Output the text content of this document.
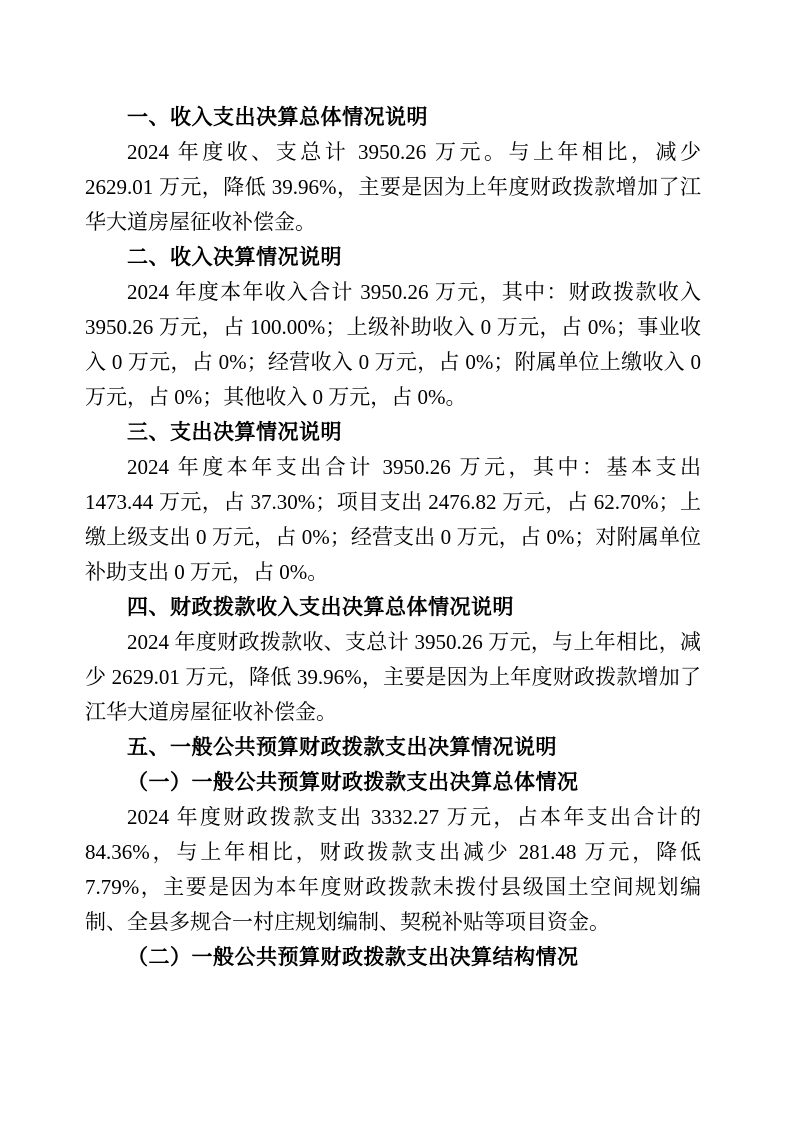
一、收入支出决算总体情况说明

2024 年度收、支总计 3950.26 万元。与上年相比，减少 2629.01 万元，降低 39.96%，主要是因为上年度财政拨款增加了江华大道房屋征收补偿金。

二、收入决算情况说明

2024 年度本年收入合计 3950.26 万元，其中：财政拨款收入 3950.26 万元，占 100.00%；上级补助收入 0 万元，占 0%；事业收入 0 万元，占 0%；经营收入 0 万元，占 0%；附属单位上缴收入 0 万元，占 0%；其他收入 0 万元，占 0%。

三、支出决算情况说明

2024 年度本年支出合计 3950.26 万元，其中：基本支出 1473.44 万元，占 37.30%；项目支出 2476.82 万元，占 62.70%；上缴上级支出 0 万元，占 0%；经营支出 0 万元，占 0%；对附属单位补助支出 0 万元，占 0%。

四、财政拨款收入支出决算总体情况说明

2024 年度财政拨款收、支总计 3950.26 万元，与上年相比，减少 2629.01 万元，降低 39.96%，主要是因为上年度财政拨款增加了江华大道房屋征收补偿金。

五、一般公共预算财政拨款支出决算情况说明

（一）一般公共预算财政拨款支出决算总体情况

2024 年度财政拨款支出 3332.27 万元，占本年支出合计的 84.36%，与上年相比，财政拨款支出减少 281.48 万元，降低 7.79%，主要是因为本年度财政拨款未拨付县级国土空间规划编制、全县多规合一村庄规划编制、契税补贴等项目资金。

（二）一般公共预算财政拨款支出决算结构情况
